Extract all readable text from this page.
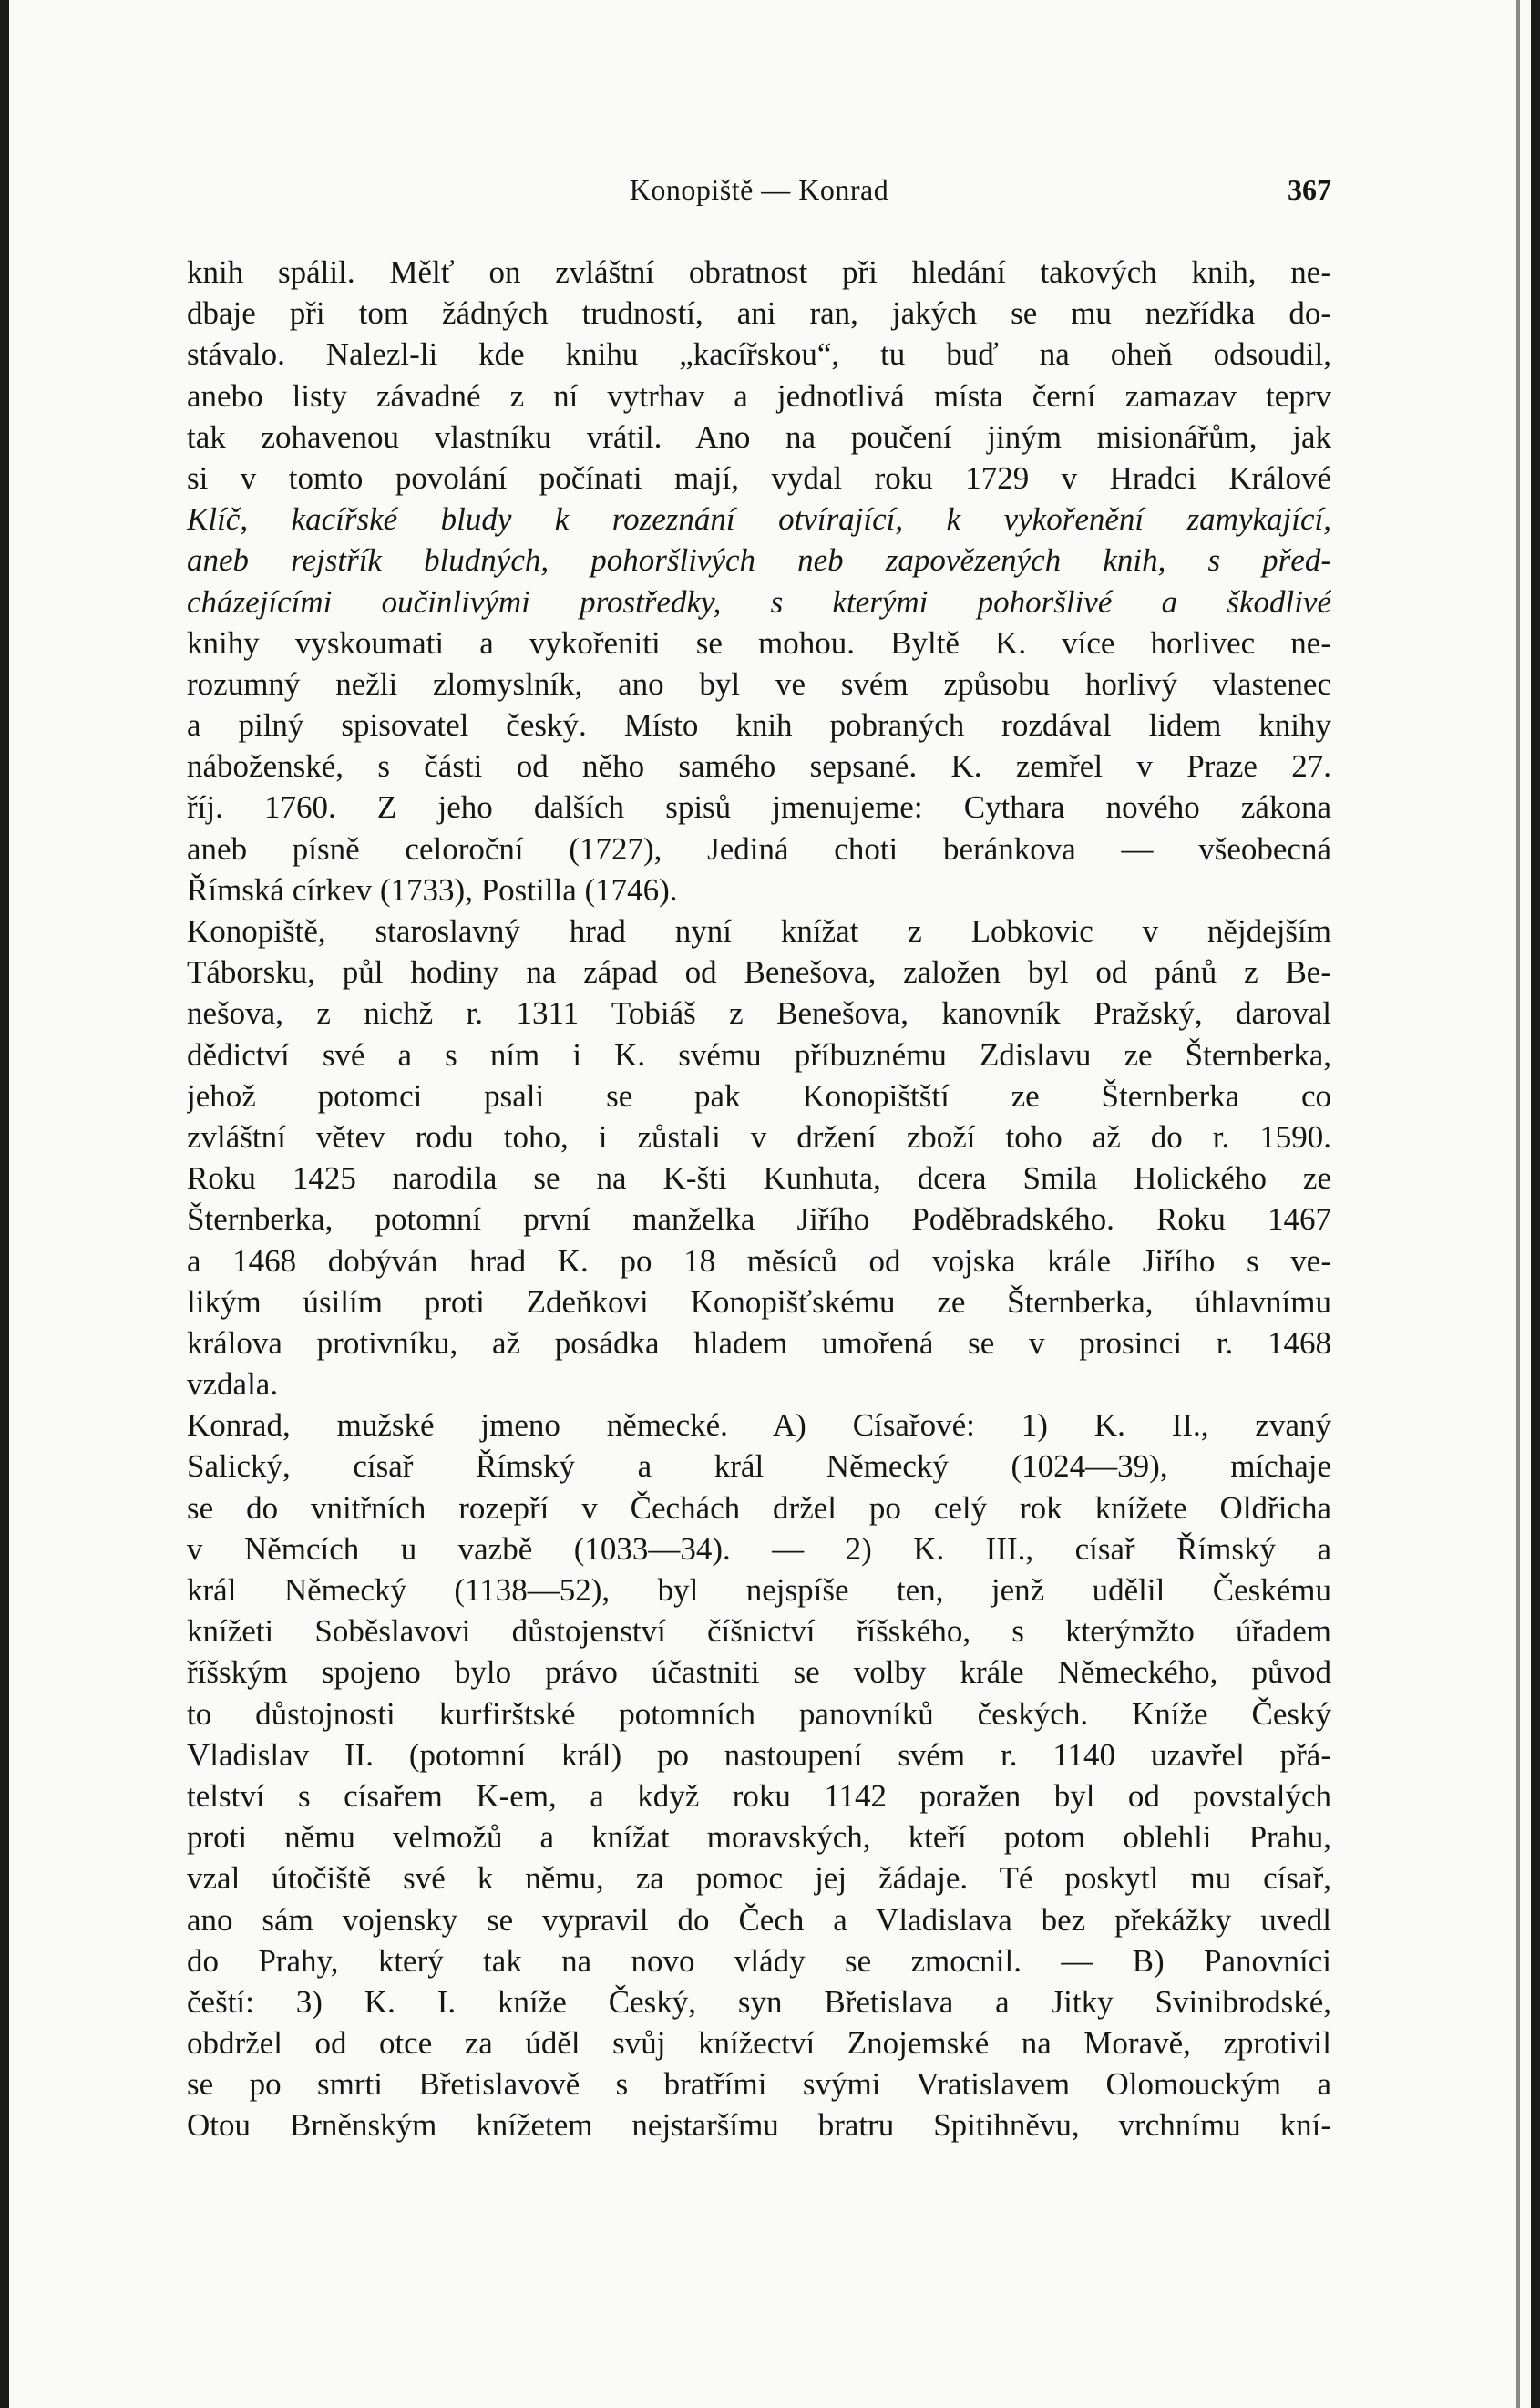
Konopiště — Konrad	367
knih spálil. Mělť on zvláštní obratnost při hledání takových knih, ne-
dbaje při tom žádných trudností, ani ran, jakých se mu nezřídka do-
stávalo. Nalezl-li kde knihu „kacířskou“, tu buď na oheň odsoudil,
anebo listy závadné z ní vytrhav a jednotlivá místa černí zamazav teprv
tak zohavenou vlastníku vrátil. Ano na poučení jiným misionářům, jak
si v tomto povolání počínati mají, vydal roku 1729 v Hradci Králové
Klíč, kacířské bludy k rozeznání otvírající, k vykořenění zamykající,
aneb rejstřík bludných, pohoršlivých neb zapovězených knih, s před-
cházejícími oučinlivými prostředky, s kterými pohoršlivé a škodlivé
knihy vyskoumati a vykořeniti se mohou. Byltě K. více horlivec ne-
rozumný nežli zlomyslník, ano byl ve svém způsobu horlivý vlastenec
a pilný spisovatel český. Místo knih pobraných rozdával lidem knihy
náboženské, s části od něho samého sepsané. K. zemřel v Praze 27.
říj. 1760. Z jeho dalších spisů jmenujeme: Cythara nového zákona
aneb písně celoroční (1727), Jediná choti beránkova — všeobecná
Římská církev (1733), Postilla (1746).
Konopiště, staroslavný hrad nyní knížat z Lobkovic v nějdejším
Táborsku, půl hodiny na západ od Benešova, založen byl od pánů z Be-
nešova, z nichž r. 1311 Tobiáš z Benešova, kanovník Pražský, daroval
dědictví své a s ním i K. svému příbuznému Zdislavu ze Šternberka,
jehož potomci psali se pak Konopištští ze Šternberka co
zvláštní větev rodu toho, i zůstali v držení zboží toho až do r. 1590.
Roku 1425 narodila se na K-šti Kunhuta, dcera Smila Holického ze
Šternberka, potomní první manželka Jiřího Poděbradského. Roku 1467
a 1468 dobýván hrad K. po 18 měsíců od vojska krále Jiřího s ve-
likým úsilím proti Zdeňkovi Konopišťskému ze Šternberka, úhlavnímu
králova protivníku, až posádka hladem umořená se v prosinci r. 1468
vzdala.
Konrad, mužské jmeno německé. A) Císařové: 1) K. II., zvaný
Salický, císař Římský a král Německý (1024—39), míchaje
se do vnitřních rozepří v Čechách držel po celý rok knížete Oldřicha
v Němcích u vazbě (1033—34). — 2) K. III., císař Římský a
král Německý (1138—52), byl nejspíše ten, jenž udělil Českému
knížeti Soběslavovi důstojenství číšnictví říšského, s kterýmžto úřadem
říšským spojeno bylo právo účastniti se volby krále Německého, původ
to důstojnosti kurfirštské potomních panovníků českých. Kníže Český
Vladislav II. (potomní král) po nastoupení svém r. 1140 uzavřel přá-
telství s císařem K-em, a když roku 1142 poražen byl od povstalých
proti němu velmožů a knížat moravských, kteří potom oblehli Prahu,
vzal útočiště své k němu, za pomoc jej žádaje. Té poskytl mu císař,
ano sám vojensky se vypravil do Čech a Vladislava bez překážky uvedl
do Prahy, který tak na novo vlády se zmocnil. — B) Panovníci
čeští: 3) K. I. kníže Český, syn Břetislava a Jitky Svinibrodské,
obdržel od otce za úděl svůj knížectví Znojemské na Moravě, zprotivil
se po smrti Břetislavově s bratřími svými Vratislavem Olomouckým a
Otou Brněnským knížetem nejstaršímu bratru Spitihněvu, vrchnímu kní-
